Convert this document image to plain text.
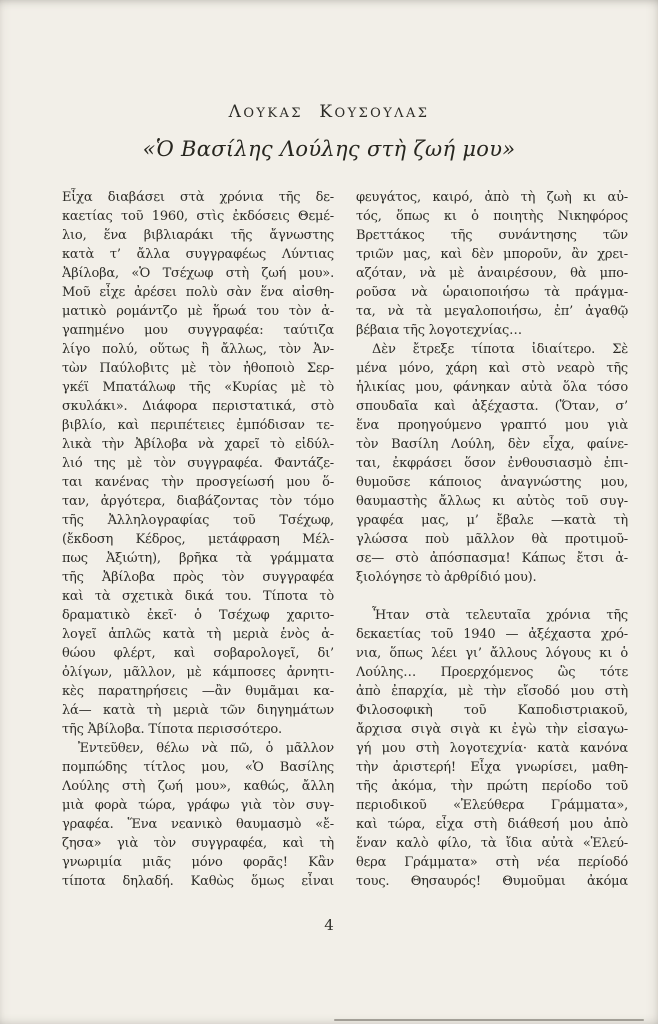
ΛΟΥΚΑΣ ΚΟΥΣΟΥΛΑΣ
«Ὁ Βασίλης Λούλης στὴ ζωή μου»
Εἶχα διαβάσει στὰ χρόνια τῆς δε-
καετίας τοῦ 1960, στὶς ἐκδόσεις Θεμέ-
λιο, ἕνα βιβλιαράκι τῆς ἄγνωστης
κατὰ τ’ ἄλλα συγγραφέως Λύντιας
Ἀβίλοβα, «Ὁ Τσέχωφ στὴ ζωή μου».
Μοῦ εἶχε ἀρέσει πολὺ σὰν ἕνα αἰσθη-
ματικὸ ρομάντζο μὲ ἥρωά του τὸν ἀ-
γαπημένο μου συγγραφέα: ταύτιζα
λίγο πολύ, οὕτως ἢ ἄλλως, τὸν Ἀν-
τὼν Παύλοβιτς μὲ τὸν ἠθοποιὸ Σερ-
γκέϊ Μπατάλωφ τῆς «Κυρίας μὲ τὸ
σκυλάκι». Διάφορα περιστατικά, στὸ
βιβλίο, καὶ περιπέτειες ἐμπόδισαν τε-
λικὰ τὴν Ἀβίλοβα νὰ χαρεῖ τὸ εἰδύλ-
λιό της μὲ τὸν συγγραφέα. Φαντάζε-
ται κανένας τὴν προσγείωσή μου ὅ-
ταν, ἀργότερα, διαβάζοντας τὸν τόμο
τῆς Ἀλληλογραφίας τοῦ Τσέχωφ,
(ἔκδοση Κέδρος, μετάφραση Μέλ-
πως Ἀξιώτη), βρῆκα τὰ γράμματα
τῆς Ἀβίλοβα πρὸς τὸν συγγραφέα
καὶ τὰ σχετικὰ δικά του. Τίποτα τὸ
δραματικὸ ἐκεῖ· ὁ Τσέχωφ χαριτο-
λογεῖ ἁπλῶς κατὰ τὴ μεριὰ ἑνὸς ἀ-
θώου φλέρτ, καὶ σοβαρολογεῖ, δι’
ὀλίγων, μᾶλλον, μὲ κάμποσες ἀρνητι-
κὲς παρατηρήσεις —ἂν θυμᾶμαι κα-
λά— κατὰ τὴ μεριὰ τῶν διηγημάτων
τῆς Ἀβίλοβα. Τίποτα περισσότερο.
Ἐντεῦθεν, θέλω νὰ πῶ, ὁ μᾶλλον
πομπώδης τίτλος μου, «Ὁ Βασίλης
Λούλης στὴ ζωή μου», καθώς, ἄλλη
μιὰ φορὰ τώρα, γράφω γιὰ τὸν συγ-
γραφέα. Ἕνα νεανικὸ θαυμασμὸ «ἔ-
ζησα» γιὰ τὸν συγγραφέα, καὶ τὴ
γνωριμία μιᾶς μόνο φορᾶς! Κἂν
τίποτα δηλαδή. Καθὼς ὅμως εἶναι
φευγάτος, καιρό, ἀπὸ τὴ ζωὴ κι αὐ-
τός, ὅπως κι ὁ ποιητὴς Νικηφόρος
Βρεττάκος τῆς συνάντησης τῶν
τριῶν μας, καὶ δὲν μποροῦν, ἂν χρει-
αζόταν, νὰ μὲ ἀναιρέσουν, θὰ μπο-
ροῦσα νὰ ὡραιοποιήσω τὰ πράγμα-
τα, νὰ τὰ μεγαλοποιήσω, ἐπ’ ἀγαθῷ
βέβαια τῆς λογοτεχνίας…
Δὲν ἔτρεξε τίποτα ἰδιαίτερο. Σὲ
μένα μόνο, χάρη καὶ στὸ νεαρὸ τῆς
ἡλικίας μου, φάνηκαν αὐτὰ ὅλα τόσο
σπουδαῖα καὶ ἀξέχαστα. (Ὅταν, σ’
ἕνα προηγούμενο γραπτό μου γιὰ
τὸν Βασίλη Λούλη, δὲν εἶχα, φαίνε-
ται, ἐκφράσει ὅσον ἐνθουσιασμὸ ἐπι-
θυμοῦσε κάποιος ἀναγνώστης μου,
θαυμαστὴς ἄλλως κι αὐτὸς τοῦ συγ-
γραφέα μας, μ’ ἔβαλε —κατὰ τὴ
γλώσσα ποὺ μᾶλλον θὰ προτιμοῦ-
σε— στὸ ἀπόσπασμα! Κάπως ἔτσι ἀ-
ξιολόγησε τὸ ἀρθρίδιό μου).
Ἦταν στὰ τελευταῖα χρόνια τῆς
δεκαετίας τοῦ 1940 — ἀξέχαστα χρό-
νια, ὅπως λέει γι’ ἄλλους λόγους κι ὁ
Λούλης… Προερχόμενος ὣς τότε
ἀπὸ ἐπαρχία, μὲ τὴν εἴσοδό μου στὴ
Φιλοσοφικὴ τοῦ Καποδιστριακοῦ,
ἄρχισα σιγὰ σιγὰ κι ἐγὼ τὴν εἰσαγω-
γή μου στὴ λογοτεχνία· κατὰ κανόνα
τὴν ἀριστερή! Εἶχα γνωρίσει, μαθη-
τῆς ἀκόμα, τὴν πρώτη περίοδο τοῦ
περιοδικοῦ «Ἐλεύθερα Γράμματα»,
καὶ τώρα, εἶχα στὴ διάθεσή μου ἀπὸ
ἕναν καλὸ φίλο, τὰ ἴδια αὐτὰ «Ἐλεύ-
θερα Γράμματα» στὴ νέα περίοδό
τους. Θησαυρός! Θυμοῦμαι ἀκόμα
4
